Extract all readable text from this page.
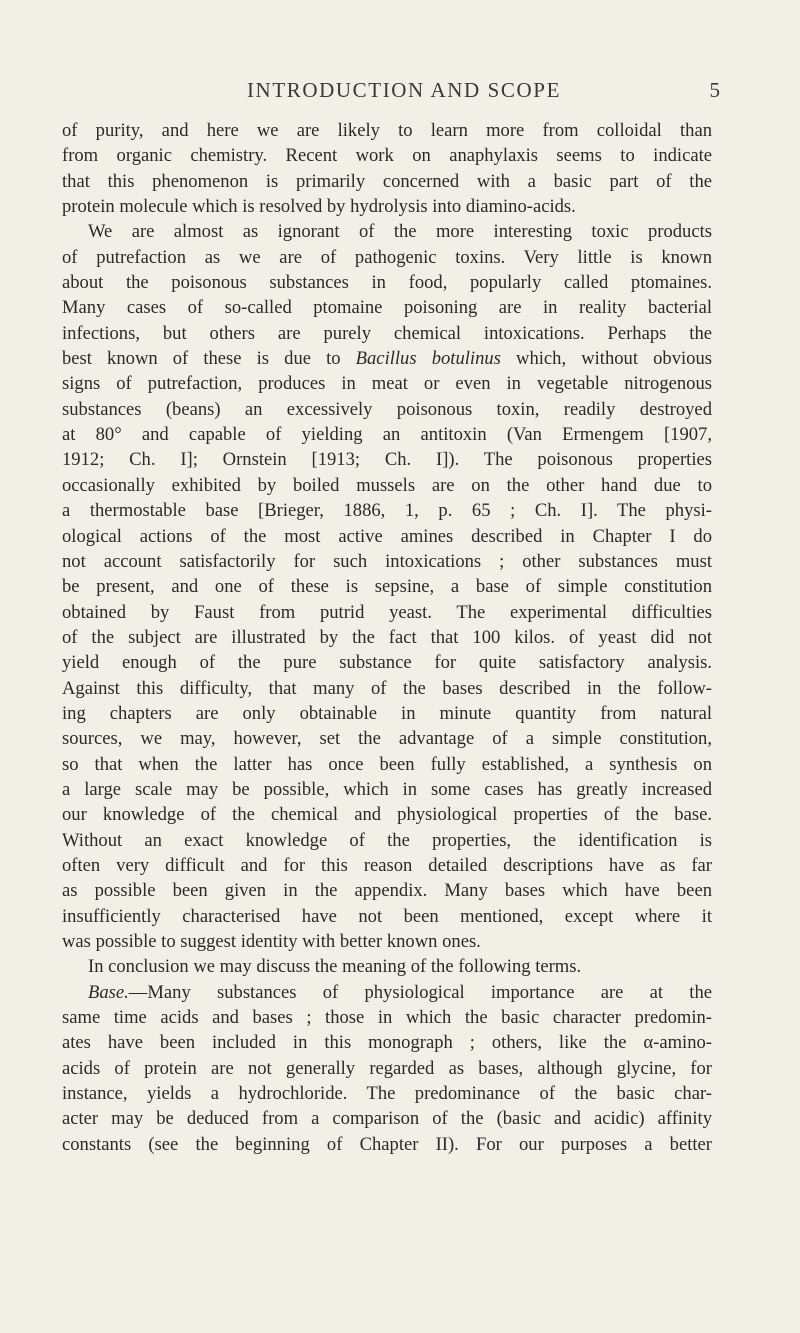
INTRODUCTION AND SCOPE	5
of purity, and here we are likely to learn more from colloidal than
from organic chemistry. Recent work on anaphylaxis seems to indicate
that this phenomenon is primarily concerned with a basic part of the
protein molecule which is resolved by hydrolysis into diamino-acids.
We are almost as ignorant of the more interesting toxic products
of putrefaction as we are of pathogenic toxins. Very little is known
about the poisonous substances in food, popularly called ptomaines.
Many cases of so-called ptomaine poisoning are in reality bacterial
infections, but others are purely chemical intoxications. Perhaps the
best known of these is due to Bacillus botulinus which, without obvious
signs of putrefaction, produces in meat or even in vegetable nitrogenous
substances (beans) an excessively poisonous toxin, readily destroyed
at 80° and capable of yielding an antitoxin (Van Ermengem [1907,
1912; Ch. I]; Ornstein [1913; Ch. I]). The poisonous properties
occasionally exhibited by boiled mussels are on the other hand due to
a thermostable base [Brieger, 1886, 1, p. 65 ; Ch. I]. The physi-
ological actions of the most active amines described in Chapter I do
not account satisfactorily for such intoxications ; other substances must
be present, and one of these is sepsine, a base of simple constitution
obtained by Faust from putrid yeast. The experimental difficulties
of the subject are illustrated by the fact that 100 kilos. of yeast did not
yield enough of the pure substance for quite satisfactory analysis.
Against this difficulty, that many of the bases described in the follow-
ing chapters are only obtainable in minute quantity from natural
sources, we may, however, set the advantage of a simple constitution,
so that when the latter has once been fully established, a synthesis on
a large scale may be possible, which in some cases has greatly increased
our knowledge of the chemical and physiological properties of the base.
Without an exact knowledge of the properties, the identification is
often very difficult and for this reason detailed descriptions have as far
as possible been given in the appendix. Many bases which have been
insufficiently characterised have not been mentioned, except where it
was possible to suggest identity with better known ones.
In conclusion we may discuss the meaning of the following terms.
Base.—Many substances of physiological importance are at the
same time acids and bases ; those in which the basic character predomin-
ates have been included in this monograph ; others, like the α-amino-
acids of protein are not generally regarded as bases, although glycine, for
instance, yields a hydrochloride. The predominance of the basic char-
acter may be deduced from a comparison of the (basic and acidic) affinity
constants (see the beginning of Chapter II). For our purposes a better
